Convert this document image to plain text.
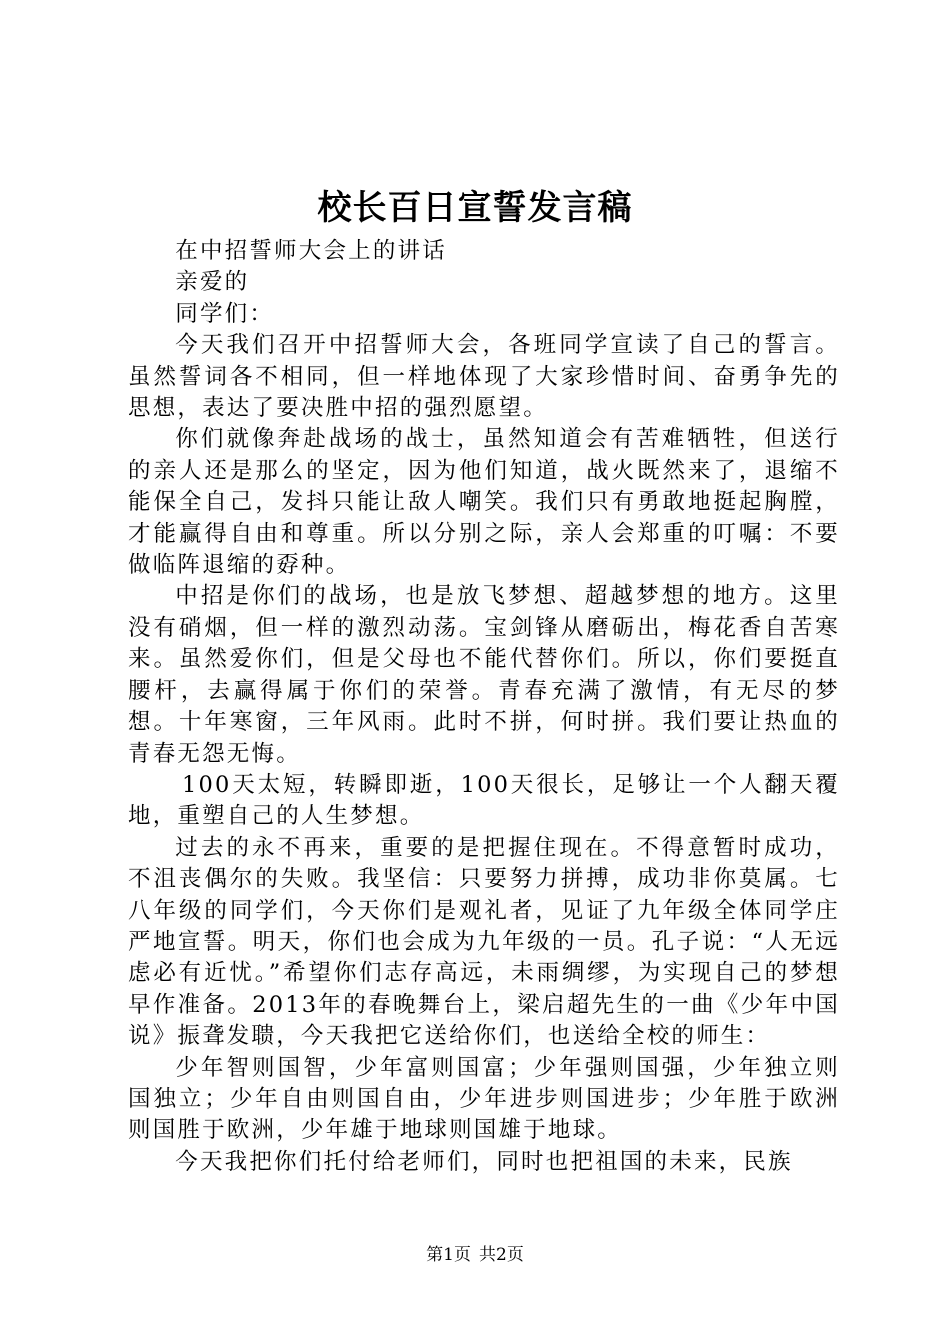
校长百日宣誓发言稿

在中招誓师大会上的讲话

亲爱的

同学们：

今天我们召开中招誓师大会，各班同学宣读了自己的誓言。虽然誓词各不相同，但一样地体现了大家珍惜时间、奋勇争先的思想，表达了要决胜中招的强烈愿望。

你们就像奔赴战场的战士，虽然知道会有苦难牺牲，但送行的亲人还是那么的坚定，因为他们知道，战火既然来了，退缩不能保全自己，发抖只能让敌人嘲笑。我们只有勇敢地挺起胸膛，才能赢得自由和尊重。所以分别之际，亲人会郑重的叮嘱：不要做临阵退缩的孬种。

中招是你们的战场，也是放飞梦想、超越梦想的地方。这里没有硝烟，但一样的激烈动荡。宝剑锋从磨砺出，梅花香自苦寒来。虽然爱你们，但是父母也不能代替你们。所以，你们要挺直腰杆，去赢得属于你们的荣誉。青春充满了激情，有无尽的梦想。十年寒窗，三年风雨。此时不拼，何时拼。我们要让热血的青春无怨无悔。

100天太短，转瞬即逝，100天很长，足够让一个人翻天覆地，重塑自己的人生梦想。

过去的永不再来，重要的是把握住现在。不得意暂时成功，不沮丧偶尔的失败。我坚信：只要努力拼搏，成功非你莫属。七八年级的同学们，今天你们是观礼者，见证了九年级全体同学庄严地宣誓。明天，你们也会成为九年级的一员。孔子说：“人无远虑必有近忧。”希望你们志存高远，未雨绸缪，为实现自己的梦想早作准备。2013年的春晚舞台上，梁启超先生的一曲《少年中国说》振聋发聩，今天我把它送给你们，也送给全校的师生：

少年智则国智，少年富则国富；少年强则国强，少年独立则国独立；少年自由则国自由，少年进步则国进步；少年胜于欧洲则国胜于欧洲，少年雄于地球则国雄于地球。

今天我把你们托付给老师们，同时也把祖国的未来，民族

第1页 共2页
